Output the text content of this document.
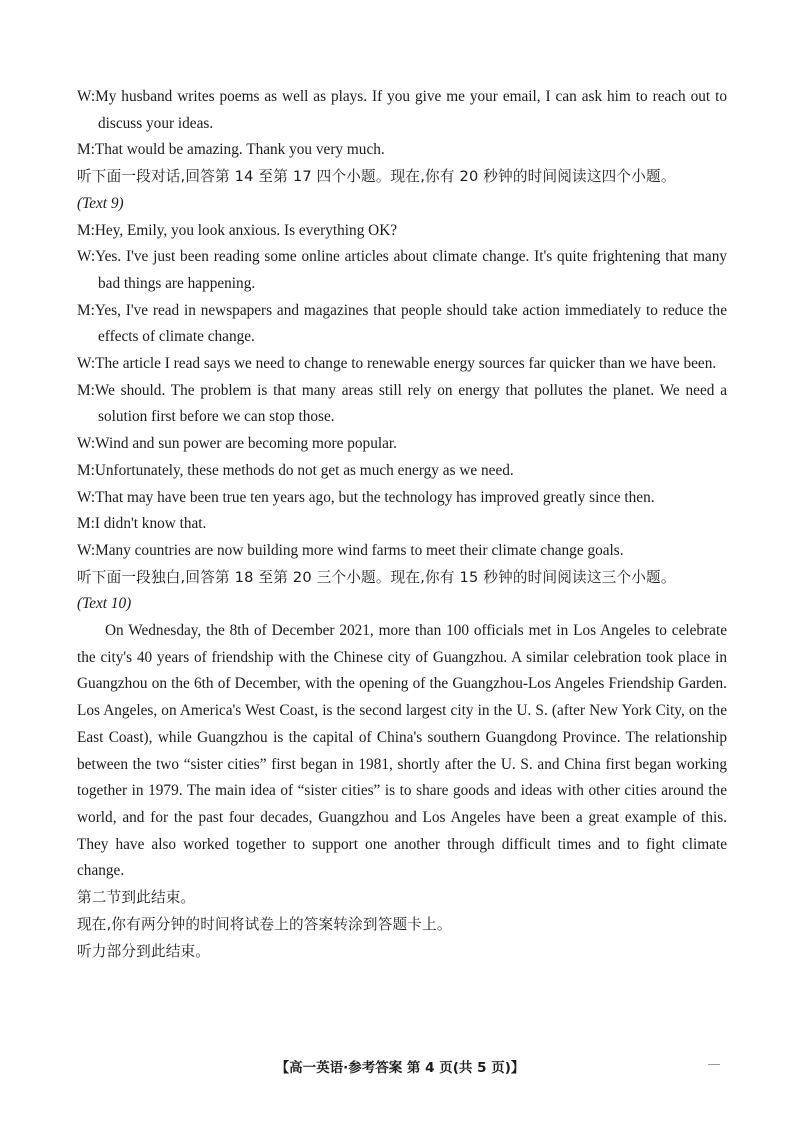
W:My husband writes poems as well as plays. If you give me your email, I can ask him to reach out to discuss your ideas.

M:That would be amazing. Thank you very much.

听下面一段对话,回答第 14 至第 17 四个小题。现在,你有 20 秒钟的时间阅读这四个小题。

(Text 9)

M:Hey, Emily, you look anxious. Is everything OK?

W:Yes. I've just been reading some online articles about climate change. It's quite frightening that many bad things are happening.

M:Yes, I've read in newspapers and magazines that people should take action immediately to reduce the effects of climate change.

W:The article I read says we need to change to renewable energy sources far quicker than we have been.

M:We should. The problem is that many areas still rely on energy that pollutes the planet. We need a solution first before we can stop those.

W:Wind and sun power are becoming more popular.

M:Unfortunately, these methods do not get as much energy as we need.

W:That may have been true ten years ago, but the technology has improved greatly since then.

M:I didn't know that.

W:Many countries are now building more wind farms to meet their climate change goals.

听下面一段独白,回答第 18 至第 20 三个小题。现在,你有 15 秒钟的时间阅读这三个小题。

(Text 10)

On Wednesday, the 8th of December 2021, more than 100 officials met in Los Angeles to celebrate the city's 40 years of friendship with the Chinese city of Guangzhou. A similar celebration took place in Guangzhou on the 6th of December, with the opening of the Guangzhou-Los Angeles Friendship Garden. Los Angeles, on America's West Coast, is the second largest city in the U. S. (after New York City, on the East Coast), while Guangzhou is the capital of China's southern Guangdong Province. The relationship between the two “sister cities” first began in 1981, shortly after the U. S. and China first began working together in 1979. The main idea of “sister cities” is to share goods and ideas with other cities around the world, and for the past four decades, Guangzhou and Los Angeles have been a great example of this. They have also worked together to support one another through difficult times and to fight climate change.

第二节到此结束。

现在,你有两分钟的时间将试卷上的答案转涂到答题卡上。

听力部分到此结束。

【高一英语·参考答案 第 4 页(共 5 页)】
